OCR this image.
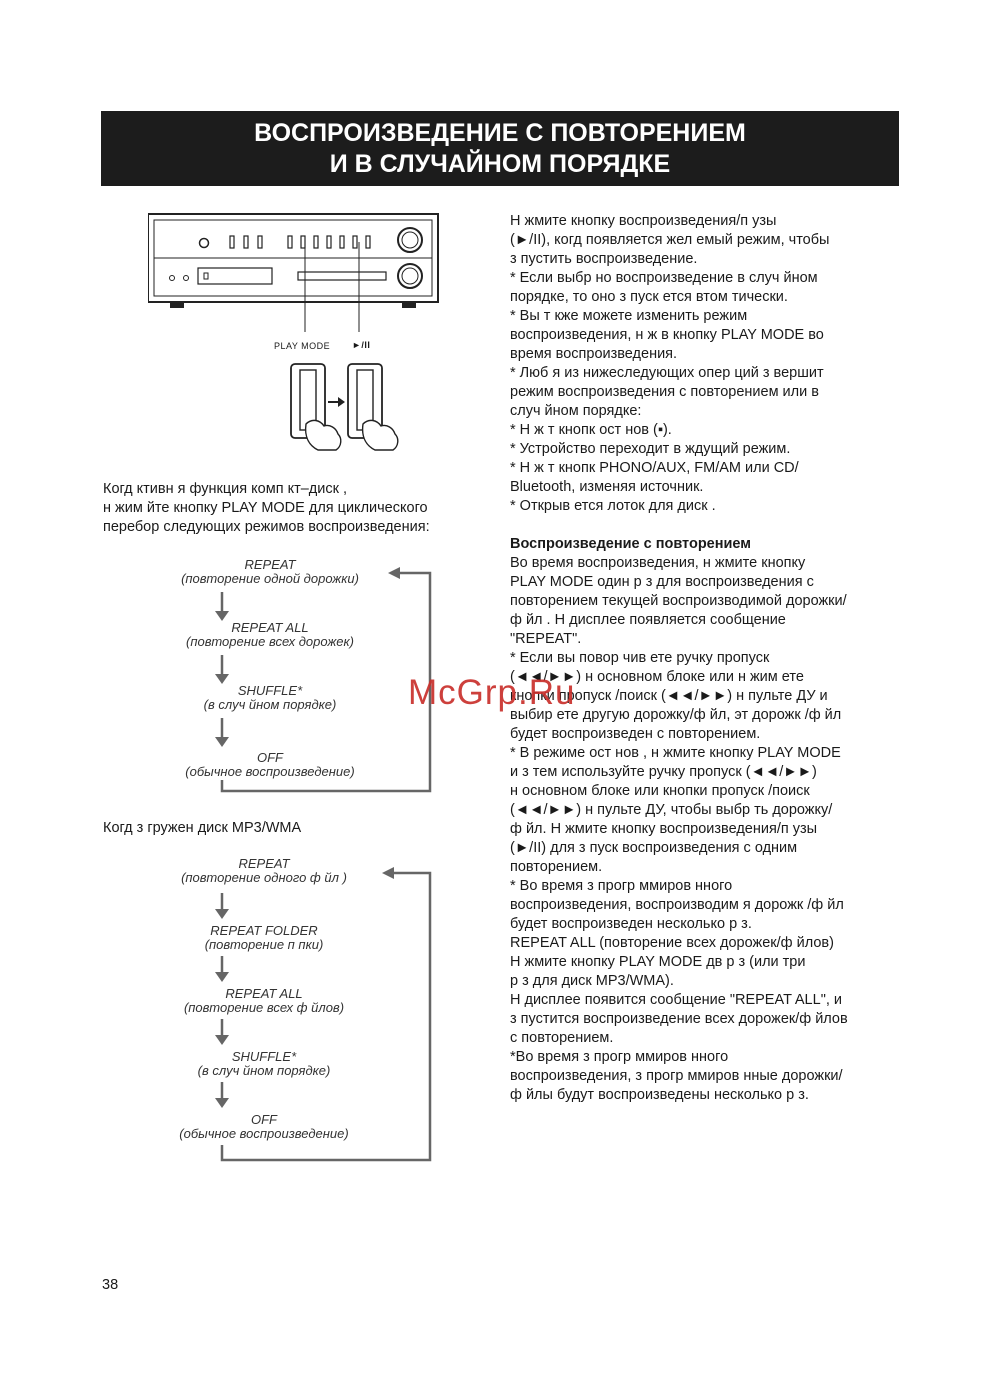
ВОСПРОИЗВЕДЕНИЕ С ПОВТОРЕНИЕМ
И В СЛУЧАЙНОМ ПОРЯДКЕ
PLAY MODE ►/II
Когд ктивн я функция комп кт–диск ,
н жим йте кнопку PLAY MODE для циклического
перебор следующих режимов воспроизведения:
REPEAT
(повторение одной дорожки)
REPEAT ALL
(повторение всех дорожек)
SHUFFLE*
(в случ йном порядке)
OFF
(обычное воспроизведение)
Когд з гружен диск MP3/WMA
REPEAT
(повторение одного ф йл )
REPEAT FOLDER
(повторение п пки)
REPEAT ALL
(повторение всех ф йлов)
SHUFFLE*
(в случ йном порядке)
OFF
(обычное воспроизведение)

Н жмите кнопку воспроизведения/п узы

(►/II), когд появляется жел емый режим, чтобы

з пустить воспроизведение.

* Если выбр но воспроизведение в случ йном

порядке, то оно з пуск ется втом тически.

* Вы т кже можете изменить режим

воспроизведения, н ж в кнопку PLAY MODE во

время воспроизведения.

* Люб я из нижеследующих опер ций з вершит

режим воспроизведения с повторением или в

случ йном порядке:

* Н ж т кнопк ост нов (▪).

* Устройство переходит в ждущий режим.

* Н ж т кнопк PHONO/AUX, FM/AM или CD/

Bluetooth, изменяя источник.

* Открыв ется лоток для диск .

Воспроизведение с повторением

Во время воспроизведения, н жмите кнопку

PLAY MODE один р з для воспроизведения с

повторением текущей воспроизводимой дорожки/

ф йл . Н дисплее появляется сообщение

"REPEAT".

* Если вы повор чив ете ручку пропуск

(◄◄/►►) н основном блоке или н жим ете

кнопки пропуск /поиск (◄◄/►►) н пульте ДУ и

выбир ете другую дорожку/ф йл, эт дорожк /ф йл

будет воспроизведен с повторением.

* В режиме ост нов , н жмите кнопку PLAY MODE

и з тем используйте ручку пропуск (◄◄/►►)

н основном блоке или кнопки пропуск /поиск

(◄◄/►►) н пульте ДУ, чтобы выбр ть дорожку/

ф йл. Н жмите кнопку воспроизведения/п узы

(►/II) для з пуск воспроизведения с одним

повторением.

* Во время з прогр ммиров нного

воспроизведения, воспроизводим я дорожк /ф йл

будет воспроизведен несколько р з.

REPEAT ALL (повторение всех дорожек/ф йлов)

Н жмите кнопку PLAY MODE дв р з (или три

р з для диск MP3/WMA).

Н дисплее появится сообщение "REPEAT ALL", и

з пустится воспроизведение всех дорожек/ф йлов

с повторением.

*Во время з прогр ммиров нного

воспроизведения, з прогр ммиров нные дорожки/

ф йлы будут воспроизведены несколько р з.

McGrp.Ru
38
